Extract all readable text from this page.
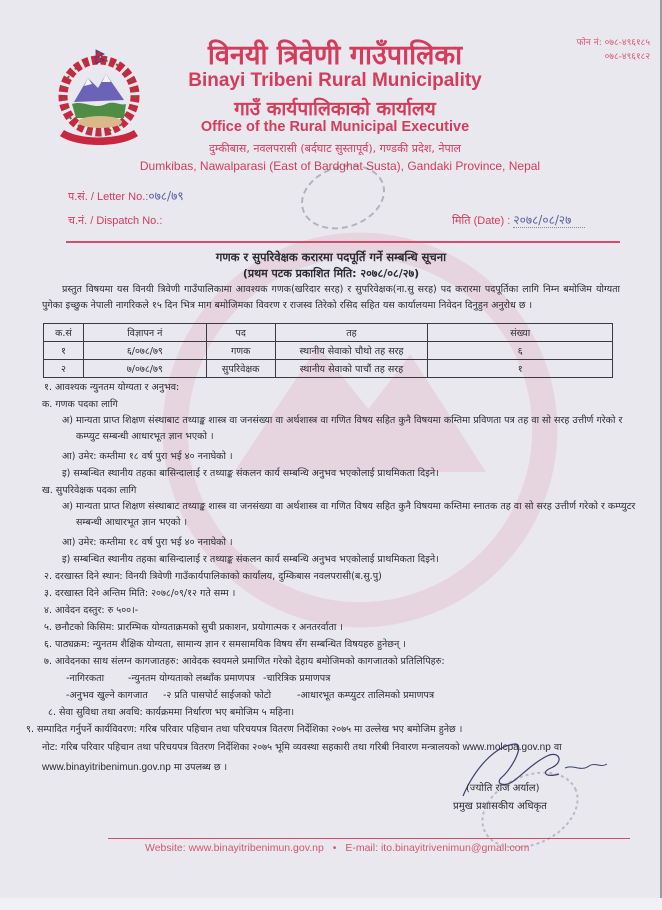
विनयी त्रिवेणी गाउँपालिका
Binayi Tribeni Rural Municipality
गाउँ कार्यपालिकाको कार्यालय
Office of the Rural Municipal Executive
दुम्कीबास, नवलपरासी (बर्दघाट सुस्तापूर्व), गण्डकी प्रदेश, नेपाल
Dumkibas, Nawalparasi (East of Bardghat Susta), Gandaki Province, Nepal
फोन नं: ०७८-४९६१८५
०७८-४९६१८२
प.सं. / Letter No.:०७८/७९
च.नं. / Dispatch No.:	मिति (Date) : २०७८/०८/२७
गणक र सुपरिवेक्षक करारमा पदपूर्ति गर्ने सम्बन्धि सूचना
(प्रथम पटक प्रकाशित मिति: २०७८/०८/२७)
प्रस्तुत विषयमा यस विनयी त्रिवेणी गाउँपालिकामा आवश्यक गणक(खरिदार सरह) र सुपरिवेक्षक(ना.सु सरह) पद करारमा पदपूर्तिका लागि निम्न बमोजिम योग्यता पुगेका इच्छुक नेपाली नागरिकले १५ दिन भित्र माग बमोजिमका विवरण र राजस्व तिरेको रसिद सहित यस कार्यालयमा निवेदन दिनुहुन अनुरोध छ ।
क.सं	विज्ञापन नं	पद	तह	संख्या
१	६/०७८/७९	गणक	स्थानीय सेवाको चौथो तह सरह	६
२	७/०७८/७९	सुपरिवेक्षक	स्थानीय सेवाको पाचौं तह सरह	१
१. आवश्यक न्युनतम योग्यता र अनुभव:
क. गणक पदका लागि
अ) मान्यता प्राप्त शिक्षण संस्थाबाट तथ्याङ्क शास्त्र वा जनसंख्या वा अर्थशास्त्र वा गणित विषय सहित कुनै विषयमा कम्तिमा प्रविणता पत्र तह वा सो सरह उत्तीर्ण गरेको र कम्प्युट सम्बन्धी आधारभूत ज्ञान भएको ।
आ) उमेर: कम्तीमा १८ वर्ष पुरा भई ४० ननाघेको ।
इ) सम्बन्धित स्थानीय तहका बासिन्दालाई र तथ्याङ्क संकलन कार्य सम्बन्धि अनुभव भएकोलाई प्राथमिकता दिइने।
ख. सुपरिवेक्षक पदका लागि
अ) मान्यता प्राप्त शिक्षण संस्थाबाट तथ्याङ्क शास्त्र वा जनसंख्या वा अर्थशास्त्र वा गणित विषय सहित कुनै विषयमा कम्तिमा स्नातक तह वा सो सरह उत्तीर्ण गरेको र कम्प्युटर सम्बन्धी आधारभूत ज्ञान भएको ।
आ) उमेर: कम्तीमा १८ वर्ष पुरा भई ४० ननाघेको ।
इ) सम्बन्धित स्थानीय तहका बासिन्दालाई र तथ्याङ्क संकलन कार्य सम्बन्धि अनुभव भएकोलाई प्राथमिकता दिइने।
२. दरखास्त दिने स्थान: विनयी त्रिवेणी गाउँकार्यपालिकाको कार्यालय, दुम्किबास नवलपरासी(ब.सु.पु)
३. दरखास्त दिने अन्तिम मिति: २०७८/०९/१२ गते सम्म ।
४. आवेदन दस्तुर: रु ५००।-
५. छनौटको किसिम: प्रारम्भिक योग्यताक्रमको सुची प्रकाशन, प्रयोगात्मक र अनतरर्वाता ।
६. पाठ्यक्रम: न्युनतम शैक्षिक योग्यता, सामान्य ज्ञान र समसामयिक विषय सँग सम्बन्धित विषयहरु हुनेछन् ।
७. आवेदनका साथ संलग्न कागजातहरु: आवेदक स्वयमले प्रमाणित गरेको देहाय बमोजिमको कागजातको प्रतिलिपिहरु:
-नागिरकता	-न्युनतम योग्यताको लब्धाँक प्रमाणपत्र -चारित्रिक प्रमाणपत्र
-अनुभव खुल्ने कागजात -२ प्रति पासपोर्ट साईजको फोटो	-आधारभूत कम्प्युटर तालिमको प्रमाणपत्र
८. सेवा सुविधा तथा अवधि: कार्यक्रममा निर्धारण भए बमोजिम ५ महिना।
९. सम्पादित गर्नुपर्ने कार्यविवरण: गरिब परिवार पहिचान तथा परिचयपत्र वितरण निर्देशिका २०७५ मा उल्लेख भए बमोजिम हुनेछ ।
नोट: गरिब परिवार पहिचान तथा परिचयपत्र वितरण निर्देशिका २०७५ भूमि व्यवस्था सहकारी तथा गरिबी निवारण मन्त्रालयको www.molcpa.gov.np वा
www.binayitribenimun.gov.np मा उपलब्ध छ ।
(ज्योति राज अर्याल)
प्रमुख प्रशासकीय अधिकृत
Website: www.binayitribenimun.gov.np • E-mail: ito.binayitrivenimun@gmail.com
